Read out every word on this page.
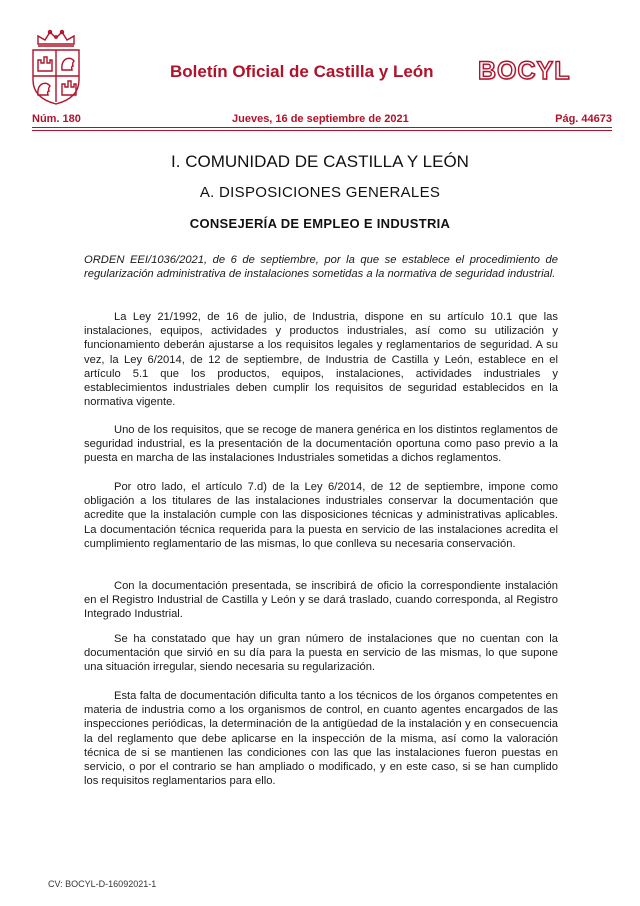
Boletín Oficial de Castilla y León	BOCYL
Núm. 180	Jueves, 16 de septiembre de 2021	Pág. 44673
I. COMUNIDAD DE CASTILLA Y LEÓN
A. DISPOSICIONES GENERALES
CONSEJERÍA DE EMPLEO E INDUSTRIA
ORDEN EEI/1036/2021, de 6 de septiembre, por la que se establece el procedimiento de regularización administrativa de instalaciones sometidas a la normativa de seguridad industrial.
La Ley 21/1992, de 16 de julio, de Industria, dispone en su artículo 10.1 que las instalaciones, equipos, actividades y productos industriales, así como su utilización y funcionamiento deberán ajustarse a los requisitos legales y reglamentarios de seguridad. A su vez, la Ley 6/2014, de 12 de septiembre, de Industria de Castilla y León, establece en el artículo 5.1 que los productos, equipos, instalaciones, actividades industriales y establecimientos industriales deben cumplir los requisitos de seguridad establecidos en la normativa vigente.
Uno de los requisitos, que se recoge de manera genérica en los distintos reglamentos de seguridad industrial, es la presentación de la documentación oportuna como paso previo a la puesta en marcha de las instalaciones Industriales sometidas a dichos reglamentos.
Por otro lado, el artículo 7.d) de la Ley 6/2014, de 12 de septiembre, impone como obligación a los titulares de las instalaciones industriales conservar la documentación que acredite que la instalación cumple con las disposiciones técnicas y administrativas aplicables. La documentación técnica requerida para la puesta en servicio de las instalaciones acredita el cumplimiento reglamentario de las mismas, lo que conlleva su necesaria conservación.
Con la documentación presentada, se inscribirá de oficio la correspondiente instalación en el Registro Industrial de Castilla y León y se dará traslado, cuando corresponda, al Registro Integrado Industrial.
Se ha constatado que hay un gran número de instalaciones que no cuentan con la documentación que sirvió en su día para la puesta en servicio de las mismas, lo que supone una situación irregular, siendo necesaria su regularización.
Esta falta de documentación dificulta tanto a los técnicos de los órganos competentes en materia de industria como a los organismos de control, en cuanto agentes encargados de las inspecciones periódicas, la determinación de la antigüedad de la instalación y en consecuencia la del reglamento que debe aplicarse en la inspección de la misma, así como la valoración técnica de si se mantienen las condiciones con las que las instalaciones fueron puestas en servicio, o por el contrario se han ampliado o modificado, y en este caso, si se han cumplido los requisitos reglamentarios para ello.
CV: BOCYL-D-16092021-1
